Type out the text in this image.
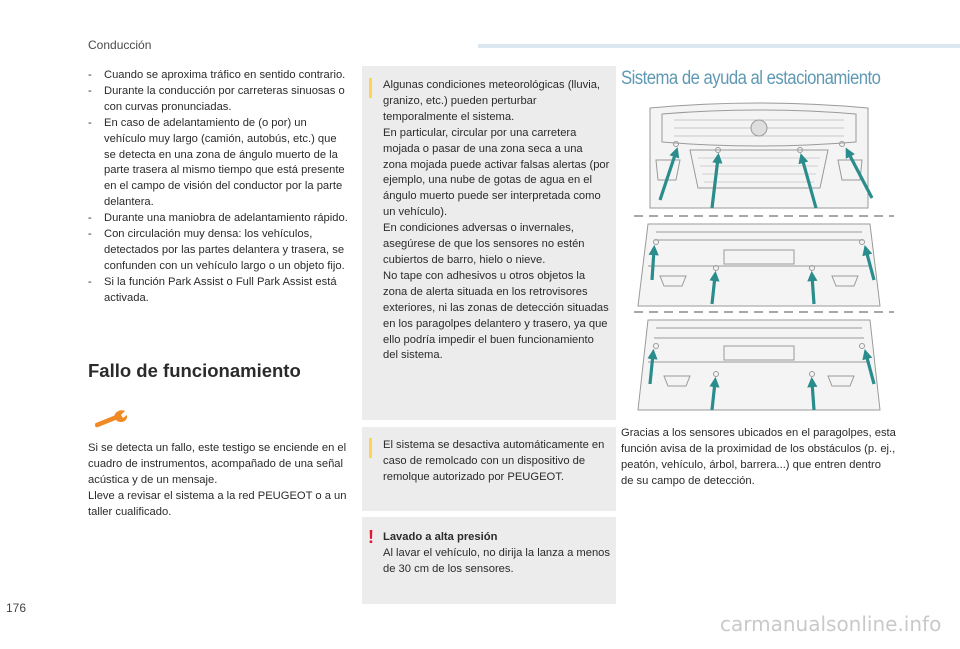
Conducción
- Cuando se aproxima tráfico en sentido contrario.
- Durante la conducción por carreteras sinuosas o con curvas pronunciadas.
- En caso de adelantamiento de (o por) un vehículo muy largo (camión, autobús, etc.) que se detecta en una zona de ángulo muerto de la parte trasera al mismo tiempo que está presente en el campo de visión del conductor por la parte delantera.
- Durante una maniobra de adelantamiento rápido.
- Con circulación muy densa: los vehículos, detectados por las partes delantera y trasera, se confunden con un vehículo largo o un objeto fijo.
- Si la función Park Assist o Full Park Assist está activada.
Fallo de funcionamiento
Si se detecta un fallo, este testigo se enciende en el cuadro de instrumentos, acompañado de una señal acústica y de un mensaje.
Lleve a revisar el sistema a la red PEUGEOT o a un taller cualificado.
Algunas condiciones meteorológicas (lluvia, granizo, etc.) pueden perturbar temporalmente el sistema.
En particular, circular por una carretera mojada o pasar de una zona seca a una zona mojada puede activar falsas alertas (por ejemplo, una nube de gotas de agua en el ángulo muerto puede ser interpretada como un vehículo).
En condiciones adversas o invernales, asegúrese de que los sensores no estén cubiertos de barro, hielo o nieve.
No tape con adhesivos u otros objetos la zona de alerta situada en los retrovisores exteriores, ni las zonas de detección situadas en los paragolpes delantero y trasero, ya que ello podría impedir el buen funcionamiento del sistema.
El sistema se desactiva automáticamente en caso de remolcado con un dispositivo de remolque autorizado por PEUGEOT.
! Lavado a alta presión
Al lavar el vehículo, no dirija la lanza a menos de 30 cm de los sensores.
Sistema de ayuda al estacionamiento
Gracias a los sensores ubicados en el paragolpes, esta función avisa de la proximidad de los obstáculos (p. ej., peatón, vehículo, árbol, barrera...) que entren dentro de su campo de detección.
176
carmanualsonline.info
